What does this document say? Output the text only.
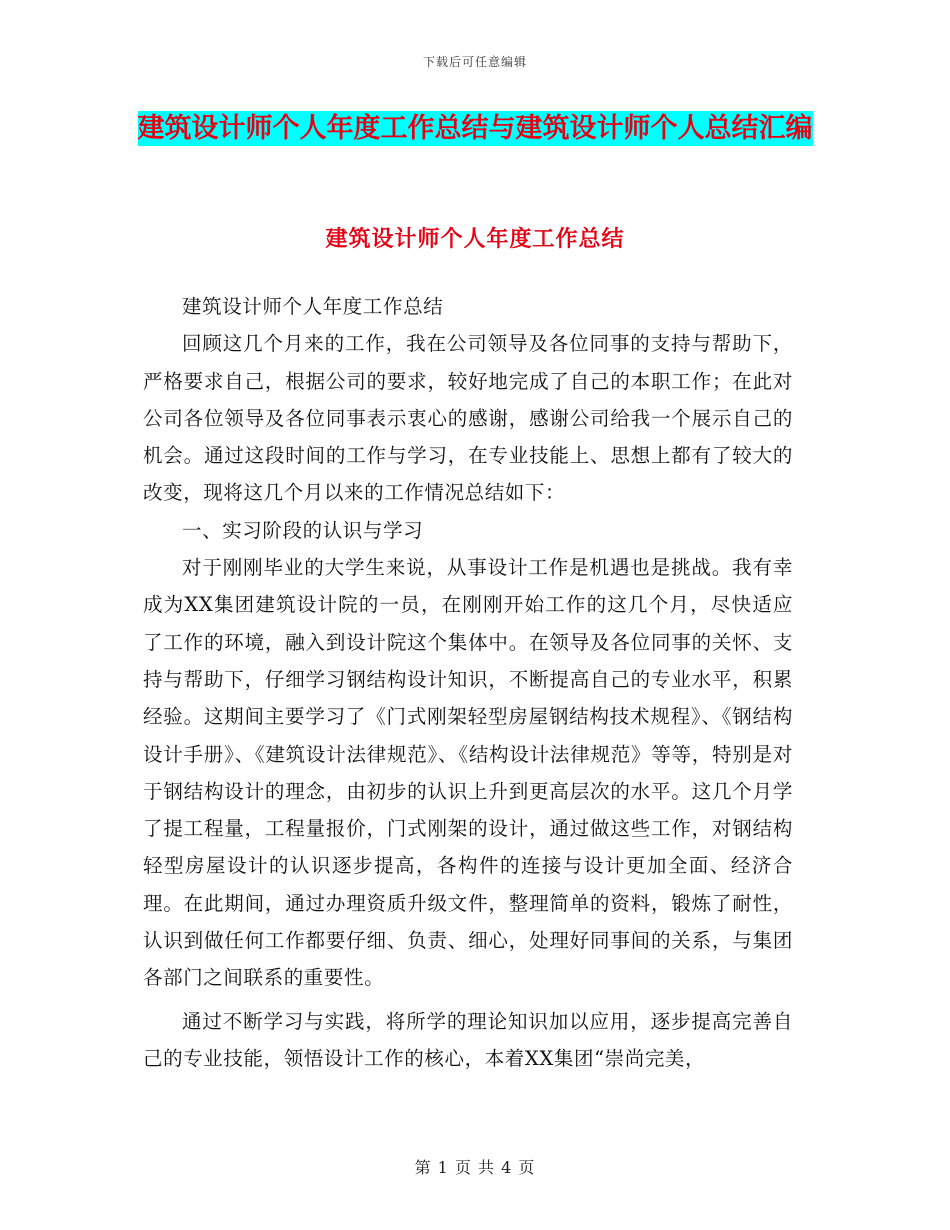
下载后可任意编辑
建筑设计师个人年度工作总结与建筑设计师个人总结汇编
建筑设计师个人年度工作总结

建筑设计师个人年度工作总结

回顾这几个月来的工作，我在公司领导及各位同事的支持与帮助下，严格要求自己，根据公司的要求，较好地完成了自己的本职工作；在此对公司各位领导及各位同事表示衷心的感谢，感谢公司给我一个展示自己的机会。通过这段时间的工作与学习，在专业技能上、思想上都有了较大的改变，现将这几个月以来的工作情况总结如下：

一、实习阶段的认识与学习

对于刚刚毕业的大学生来说，从事设计工作是机遇也是挑战。我有幸成为XX集团建筑设计院的一员，在刚刚开始工作的这几个月，尽快适应了工作的环境，融入到设计院这个集体中。在领导及各位同事的关怀、支持与帮助下，仔细学习钢结构设计知识，不断提高自己的专业水平，积累经验。这期间主要学习了《门式刚架轻型房屋钢结构技术规程》、《钢结构设计手册》、《建筑设计法律规范》、《结构设计法律规范》等等，特别是对于钢结构设计的理念，由初步的认识上升到更高层次的水平。这几个月学了提工程量，工程量报价，门式刚架的设计，通过做这些工作，对钢结构轻型房屋设计的认识逐步提高，各构件的连接与设计更加全面、经济合理。在此期间，通过办理资质升级文件，整理简单的资料，锻炼了耐性，认识到做任何工作都要仔细、负责、细心，处理好同事间的关系，与集团各部门之间联系的重要性。

通过不断学习与实践，将所学的理论知识加以应用，逐步提高完善自己的专业技能，领悟设计工作的核心，本着XX集团“崇尚完美，

第 1 页 共 4 页
